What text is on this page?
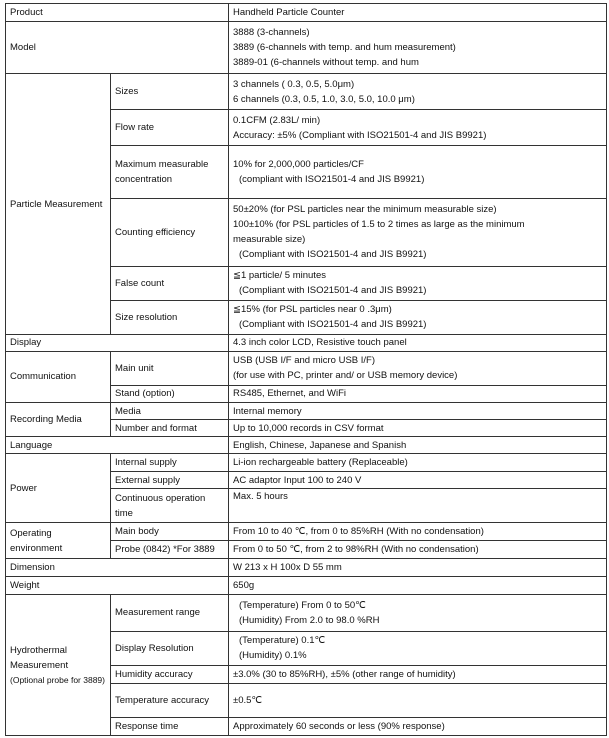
Product		Handheld Particle Counter
Model		3888 (3-channels)
3889 (6-channels with temp. and hum measurement)
3889-01 (6-channels without temp. and hum

Particle Measurement	Sizes	3 channels ( 0.3, 0.5, 5.0μm)
6 channels (0.3, 0.5, 1.0, 3.0, 5.0, 10.0 μm)

	Flow rate	0.1CFM (2.83L/ min)
Accuracy: ±5% (Compliant with ISO21501-4 and JIS B9921)

	Maximum measurable concentration	10% for 2,000,000 particles/CF
(compliant with ISO21501-4 and JIS B9921)

	Counting efficiency	50±20% (for PSL particles near the minimum measurable size)
100±10% (for PSL particles of 1.5 to 2 times as large as the minimum
measurable size)
(Compliant with ISO21501-4 and JIS B9921)

	False count	≦1 particle/ 5 minutes
(Compliant with ISO21501-4 and JIS B9921)

	Size resolution	≦15% (for PSL particles near 0 .3μm)
(Compliant with ISO21501-4 and JIS B9921)

Display		4.3 inch color LCD, Resistive touch panel
Communication	Main unit	USB (USB I/F and micro USB I/F)
(for use with PC, printer and/ or USB memory device)

	Stand (option)	RS485, Ethernet, and WiFi
Recording Media	Media	Internal memory
	Number and format	Up to 10,000 records in CSV format
Language		English, Chinese, Japanese and Spanish
Power	Internal supply	Li-ion rechargeable battery (Replaceable)
	External supply	AC adaptor Input 100 to 240 V
	Continuous operation time	Max. 5 hours
Operating environment	Main body	From 10 to 40 ℃, from 0 to 85%RH (With no condensation)
	Probe (0842) *For 3889	From 0 to 50 ℃, from 2 to 98%RH (With no condensation)
Dimension		W 213 x H 100x D 55 mm
Weight		650g

Hydrothermal
Measurement
(Optional probe for 3889)	Measurement range	(Temperature) From 0 to 50℃
(Humidity) From 2.0 to 98.0 %RH

	Display Resolution	(Temperature) 0.1℃
(Humidity) 0.1%

	Humidity accuracy	±3.0% (30 to 85%RH), ±5% (other range of humidity)
	Temperature accuracy	±0.5℃
	Response time	Approximately 60 seconds or less (90% response)
